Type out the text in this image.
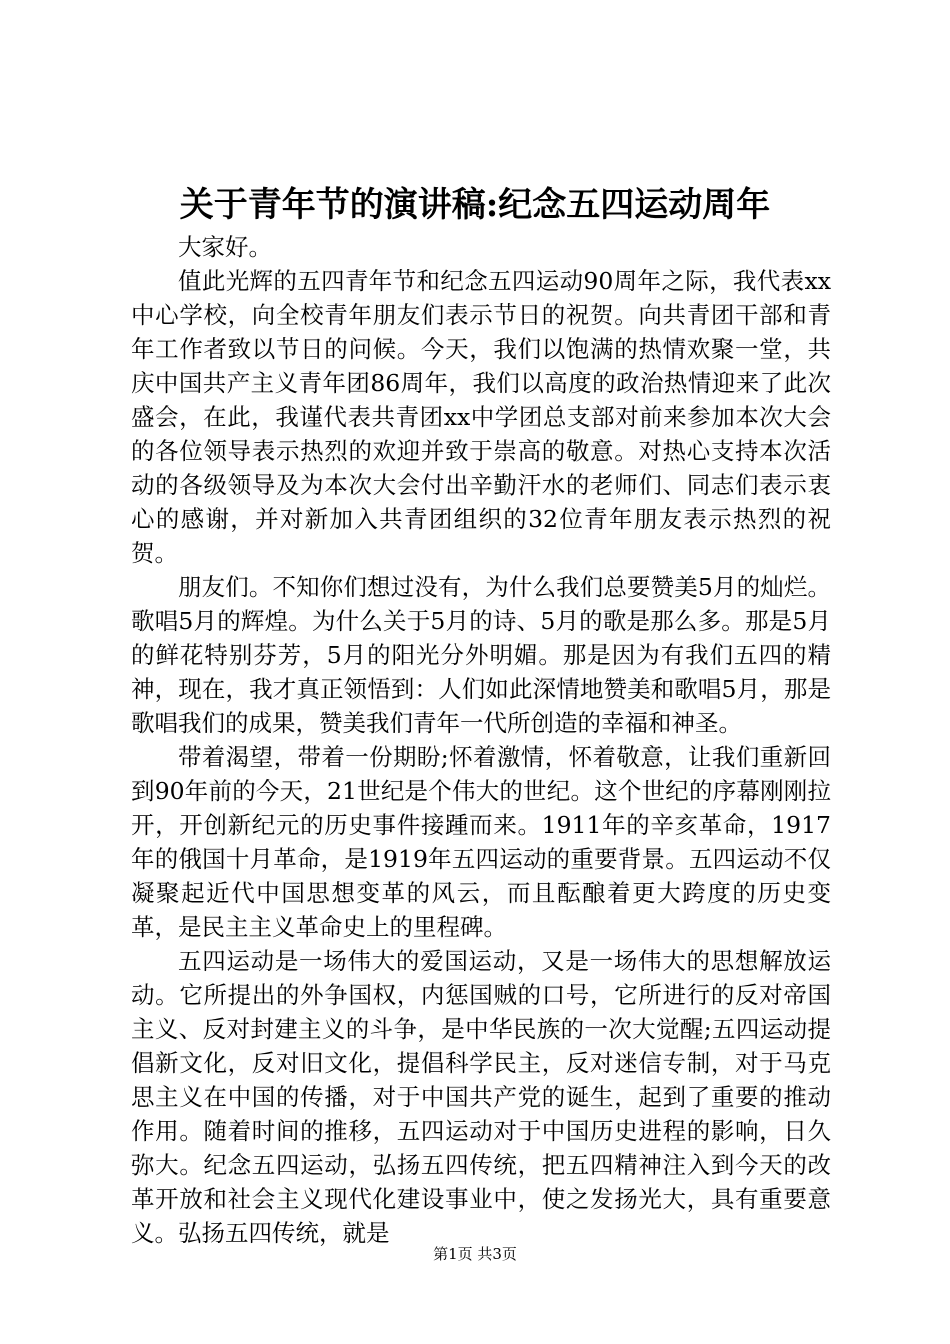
关于青年节的演讲稿:纪念五四运动周年

大家好。

值此光辉的五四青年节和纪念五四运动90周年之际，我代表xx中心学校，向全校青年朋友们表示节日的祝贺。向共青团干部和青年工作者致以节日的问候。今天，我们以饱满的热情欢聚一堂，共庆中国共产主义青年团86周年，我们以高度的政治热情迎来了此次盛会，在此，我谨代表共青团xx中学团总支部对前来参加本次大会的各位领导表示热烈的欢迎并致于崇高的敬意。对热心支持本次活动的各级领导及为本次大会付出辛勤汗水的老师们、同志们表示衷心的感谢，并对新加入共青团组织的32位青年朋友表示热烈的祝贺。

朋友们。不知你们想过没有，为什么我们总要赞美5月的灿烂。歌唱5月的辉煌。为什么关于5月的诗、5月的歌是那么多。那是5月的鲜花特别芬芳，5月的阳光分外明媚。那是因为有我们五四的精神，现在，我才真正领悟到：人们如此深情地赞美和歌唱5月，那是歌唱我们的成果，赞美我们青年一代所创造的幸福和神圣。

带着渴望，带着一份期盼;怀着激情，怀着敬意，让我们重新回到90年前的今天，21世纪是个伟大的世纪。这个世纪的序幕刚刚拉开，开创新纪元的历史事件接踵而来。1911年的辛亥革命，1917年的俄国十月革命，是1919年五四运动的重要背景。五四运动不仅凝聚起近代中国思想变革的风云，而且酝酿着更大跨度的历史变革，是民主主义革命史上的里程碑。

五四运动是一场伟大的爱国运动，又是一场伟大的思想解放运动。它所提出的外争国权，内惩国贼的口号，它所进行的反对帝国主义、反对封建主义的斗争，是中华民族的一次大觉醒;五四运动提倡新文化，反对旧文化，提倡科学民主，反对迷信专制，对于马克思主义在中国的传播，对于中国共产党的诞生，起到了重要的推动作用。随着时间的推移，五四运动对于中国历史进程的影响，日久弥大。纪念五四运动，弘扬五四传统，把五四精神注入到今天的改革开放和社会主义现代化建设事业中，使之发扬光大，具有重要意义。弘扬五四传统，就是

第1页 共3页
